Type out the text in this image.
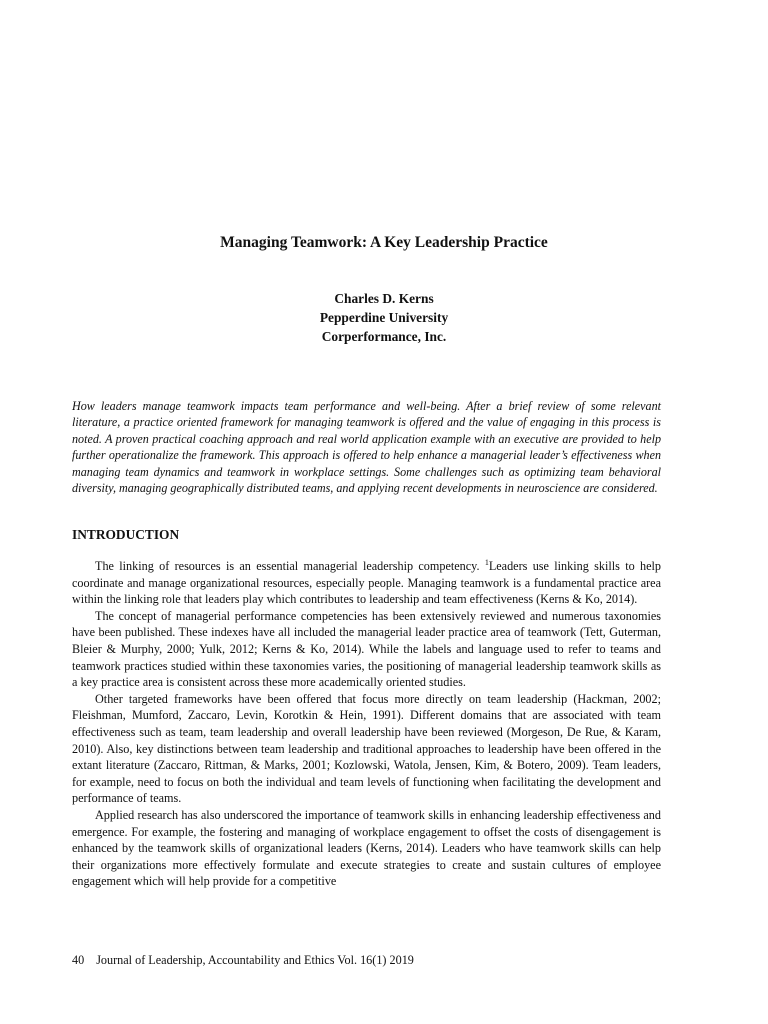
Managing Teamwork: A Key Leadership Practice
Charles D. Kerns
Pepperdine University
Corperformance, Inc.

How leaders manage teamwork impacts team performance and well-being. After a brief review of some relevant literature, a practice oriented framework for managing teamwork is offered and the value of engaging in this process is noted. A proven practical coaching approach and real world application example with an executive are provided to help further operationalize the framework. This approach is offered to help enhance a managerial leader’s effectiveness when managing team dynamics and teamwork in workplace settings. Some challenges such as optimizing team behavioral diversity, managing geographically distributed teams, and applying recent developments in neuroscience are considered.

INTRODUCTION

The linking of resources is an essential managerial leadership competency. $^1$Leaders use linking skills to help coordinate and manage organizational resources, especially people. Managing teamwork is a fundamental practice area within the linking role that leaders play which contributes to leadership and team effectiveness (Kerns & Ko, 2014).

The concept of managerial performance competencies has been extensively reviewed and numerous taxonomies have been published. These indexes have all included the managerial leader practice area of teamwork (Tett, Guterman, Bleier & Murphy, 2000; Yulk, 2012; Kerns & Ko, 2014). While the labels and language used to refer to teams and teamwork practices studied within these taxonomies varies, the positioning of managerial leadership teamwork skills as a key practice area is consistent across these more academically oriented studies.

Other targeted frameworks have been offered that focus more directly on team leadership (Hackman, 2002; Fleishman, Mumford, Zaccaro, Levin, Korotkin & Hein, 1991). Different domains that are associated with team effectiveness such as team, team leadership and overall leadership have been reviewed (Morgeson, De Rue, & Karam, 2010). Also, key distinctions between team leadership and traditional approaches to leadership have been offered in the extant literature (Zaccaro, Rittman, & Marks, 2001; Kozlowski, Watola, Jensen, Kim, & Botero, 2009). Team leaders, for example, need to focus on both the individual and team levels of functioning when facilitating the development and performance of teams.

Applied research has also underscored the importance of teamwork skills in enhancing leadership effectiveness and emergence. For example, the fostering and managing of workplace engagement to offset the costs of disengagement is enhanced by the teamwork skills of organizational leaders (Kerns, 2014). Leaders who have teamwork skills can help their organizations more effectively formulate and execute strategies to create and sustain cultures of employee engagement which will help provide for a competitive

40 Journal of Leadership, Accountability and Ethics Vol. 16(1) 2019
